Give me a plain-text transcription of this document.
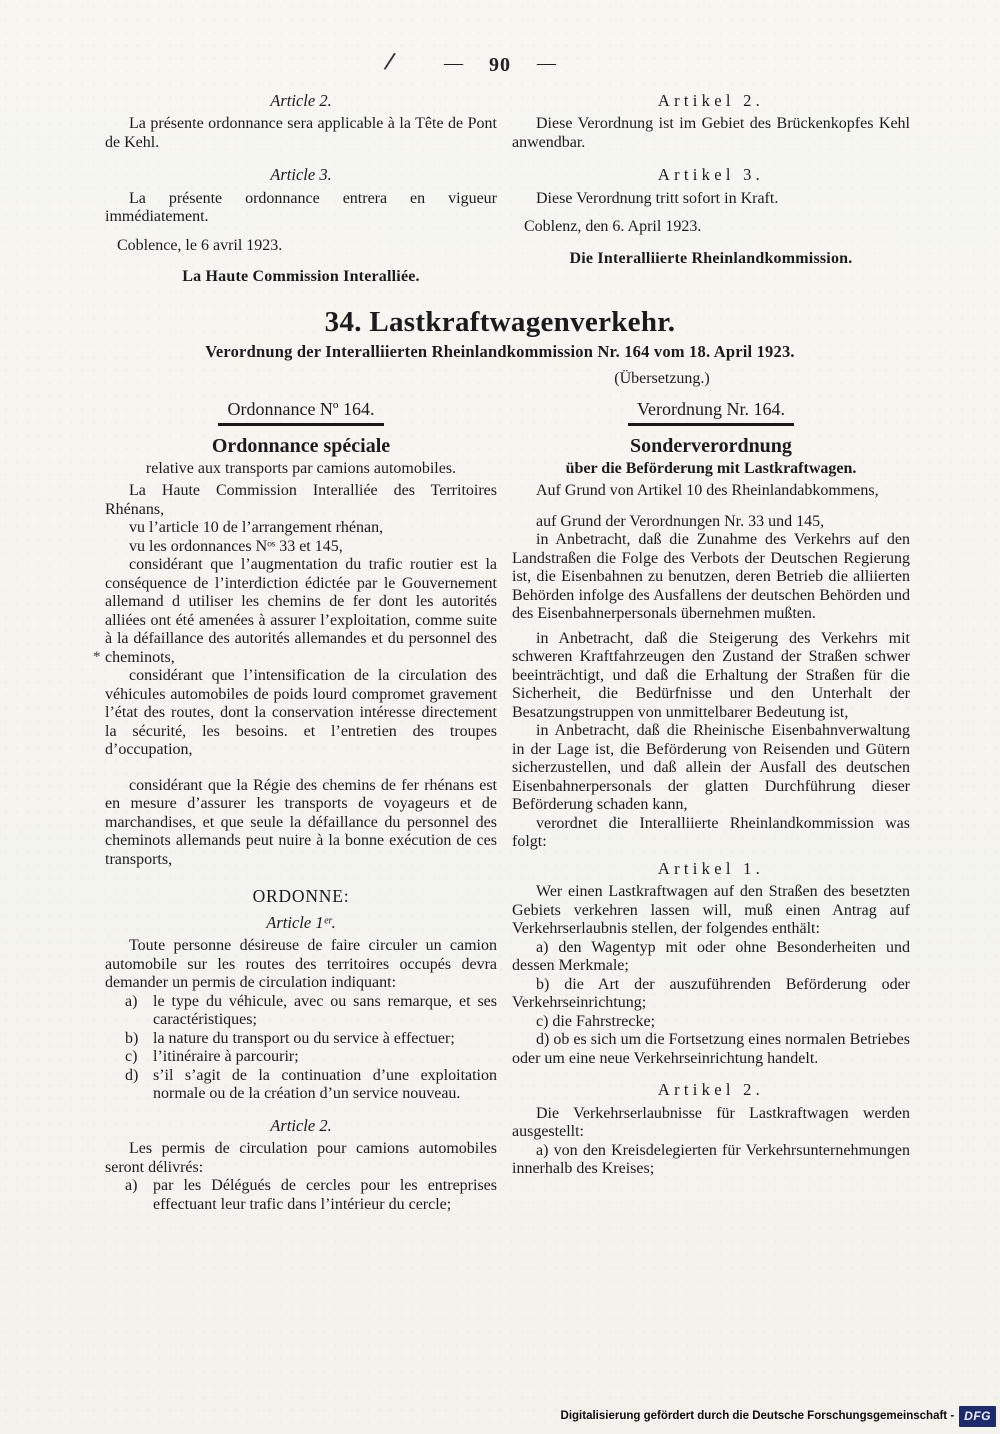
/	— 90 —
Article 2.

La présente ordonnance sera applicable à la Tête de Pont de Kehl.

Article 3.

La présente ordonnance entrera en vigueur immédiatement.

Coblence, le 6 avril 1923.

La Haute Commission Interalliée.
Artikel 2.

Diese Verordnung ist im Gebiet des Brückenkopfes Kehl anwendbar.

Artikel 3.

Diese Verordnung tritt sofort in Kraft.

Coblenz, den 6. April 1923.

Die Interalliierte Rheinlandkommission.
34. Lastkraftwagenverkehr.
Verordnung der Interalliierten Rheinlandkommission Nr. 164 vom 18. April 1923.
(Übersetzung.)
Ordonnance Nº 164.
Ordonnance spéciale
relative aux transports par camions automobiles.

La Haute Commission Interalliée des Territoires Rhénans,

vu l’article 10 de l’arrangement rhénan,

vu les ordonnances Nᵒˢ 33 et 145,

considérant que l’augmentation du trafic routier est la conséquence de l’interdiction édictée par le Gouvernement allemand d utiliser les chemins de fer dont les autorités alliées ont été amenées à assurer l’exploitation, comme suite à la défaillance des autorités allemandes et du personnel des cheminots,

considérant que l’intensification de la circulation des véhicules automobiles de poids lourd compromet gravement l’état des routes, dont la conservation intéresse directement la sécurité, les besoins. et l’entretien des troupes d’occupation,

considérant que la Régie des chemins de fer rhénans est en mesure d’assurer les transports de voyageurs et de marchandises, et que seule la défaillance du personnel des cheminots allemands peut nuire à la bonne exécution de ces transports,

ORDONNE:
Article 1ᵉʳ.

Toute personne désireuse de faire circuler un camion automobile sur les routes des territoires occupés devra demander un permis de circulation indiquant:

a) le type du véhicule, avec ou sans remarque, et ses caractéristiques;
b) la nature du transport ou du service à effectuer;
c) l’itinéraire à parcourir;
d) s’il s’agit de la continuation d’une exploitation normale ou de la création d’un service nouveau.
Article 2.

Les permis de circulation pour camions automobiles seront délivrés:

a) par les Délégués de cercles pour les entreprises effectuant leur trafic dans l’intérieur du cercle;
Verordnung Nr. 164.
Sonderverordnung
über die Beförderung mit Lastkraftwagen.

Auf Grund von Artikel 10 des Rheinlandabkommens,

auf Grund der Verordnungen Nr. 33 und 145,

in Anbetracht, daß die Zunahme des Verkehrs auf den Landstraßen die Folge des Verbots der Deutschen Regierung ist, die Eisenbahnen zu benutzen, deren Betrieb die alliierten Behörden infolge des Ausfallens der deutschen Behörden und des Eisenbahnerpersonals übernehmen mußten.

in Anbetracht, daß die Steigerung des Verkehrs mit schweren Kraftfahrzeugen den Zustand der Straßen schwer beeinträchtigt, und daß die Erhaltung der Straßen für die Sicherheit, die Bedürfnisse und den Unterhalt der Besatzungstruppen von unmittelbarer Bedeutung ist,

in Anbetracht, daß die Rheinische Eisenbahnverwaltung in der Lage ist, die Beförderung von Reisenden und Gütern sicherzustellen, und daß allein der Ausfall des deutschen Eisenbahnerpersonals der glatten Durchführung dieser Beförderung schaden kann,

verordnet die Interalliierte Rheinlandkommission was folgt:

Artikel 1.

Wer einen Lastkraftwagen auf den Straßen des besetzten Gebiets verkehren lassen will, muß einen Antrag auf Verkehrserlaubnis stellen, der folgendes enthält:

a) den Wagentyp mit oder ohne Besonderheiten und dessen Merkmale;

b) die Art der auszuführenden Beförderung oder Verkehrseinrichtung;

c) die Fahrstrecke;

d) ob es sich um die Fortsetzung eines normalen Betriebes oder um eine neue Verkehrseinrichtung handelt.

Artikel 2.

Die Verkehrserlaubnisse für Lastkraftwagen werden ausgestellt:

a) von den Kreisdelegierten für Verkehrsunternehmungen innerhalb des Kreises;

*
Digitalisierung gefördert durch die Deutsche Forschungsgemeinschaft - DFG
